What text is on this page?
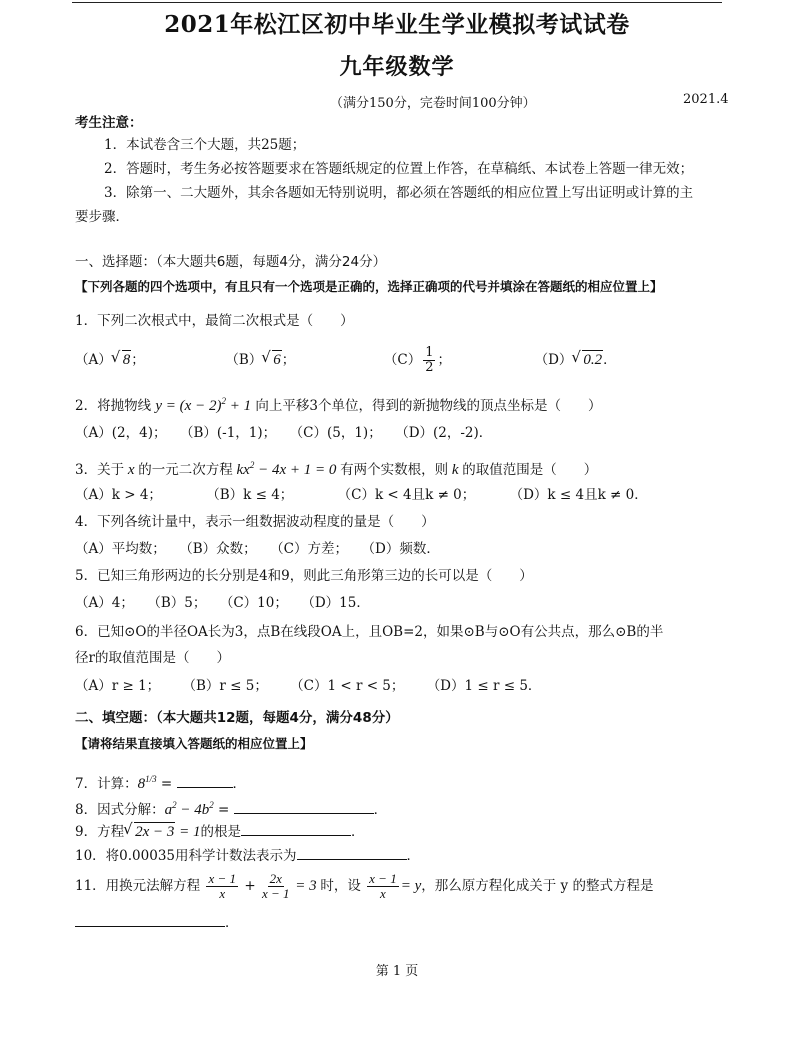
2021年松江区初中毕业生学业模拟考试试卷
九年级数学
（满分150分，完卷时间100分钟）	2021.4
考生注意：
1．本试卷含三个大题，共25题；
2．答题时，考生务必按答题要求在答题纸规定的位置上作答，在草稿纸、本试卷上答题一律无效；
3．除第一、二大题外，其余各题如无特别说明，都必须在答题纸的相应位置上写出证明或计算的主
要步骤．
一、选择题：（本大题共6题，每题4分，满分24分）
【下列各题的四个选项中，有且只有一个选项是正确的，选择正确项的代号并填涂在答题纸的相应位置上】
1．下列二次根式中，最简二次根式是（　　）
（A） √ 8；	（B） √ 6；	$(C) \frac{1}{2}$ ；	（D） √ 0.2．
2．将抛物线 $y = (x - 2)^2 + 1$ 向上平移3个单位，得到的新抛物线的顶点坐标是（　　）
（A）(2，4)；　　（B）(-1，1)；　　（C）(5，1)；　　（D）(2，-2)．
3．关于 x 的一元二次方程 $kx^2 - 4x + 1 = 0$ 有两个实数根，则 k 的取值范围是（　　）
（A）k > 4；	（B）k ≤ 4；	（C）k < 4且k ≠ 0；	（D）k ≤ 4且k ≠ 0．
4．下列各统计量中，表示一组数据波动程度的量是（　　）
（A）平均数；　　（B）众数；　　（C）方差；　　（D）频数．
5．已知三角形两边的长分别是4和9，则此三角形第三边的长可以是（　　）
（A）4；　　（B）5；　　（C）10；　　（D）15．
6．已知⊙O的半径OA长为3，点B在线段OA上，且OB=2，如果⊙B与⊙O有公共点，那么⊙B的半
径r的取值范围是（　　）
（A）r ≥ 1； （B）r ≤ 5； （C）1 < r < 5； （D）1 ≤ r ≤ 5．
二、填空题：（本大题共12题，每题4分，满分48分）
【请将结果直接填入答题纸的相应位置上】
7．计算：$8^{1/3}$ =	．
8．因式分解：$a^2 - 4b^2$ =	．
9．方程 √ 2x − 3 = 1的根是	．
10．将0.00035用科学计数法表示为	．
11．用换元法解方程 $\frac{x - 1}{x} + \frac{2x}{x - 1} = 3$ 时，设 $\frac{x - 1}{x} = y$，那么原方程化成关于 y 的整式方程是
．
第 1 页
